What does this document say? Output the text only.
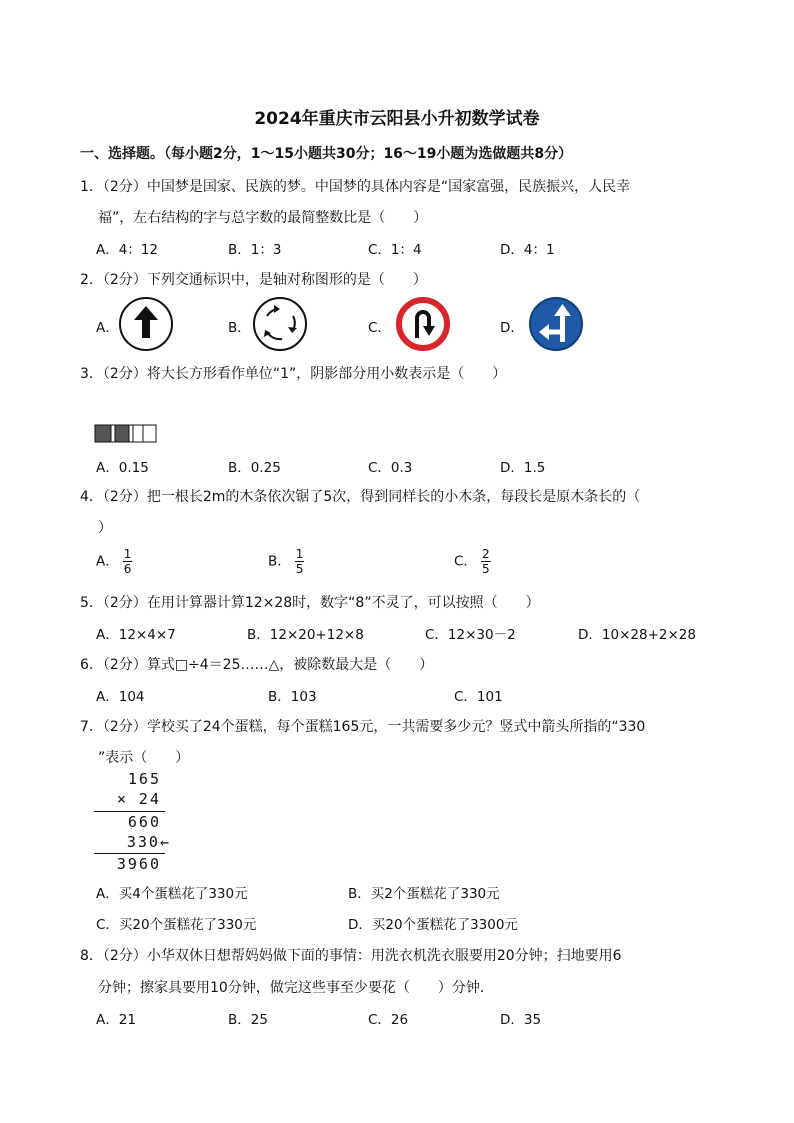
2024年重庆市云阳县小升初数学试卷
一、选择题。（每小题2分，1～15小题共30分；16～19小题为选做题共8分）
1．（2分）中国梦是国家、民族的梦。中国梦的具体内容是“国家富强，民族振兴，人民幸
福”，左右结构的字与总字数的最简整数比是（　　）
A．4：12	B．1：3	C．1：4	D．4：1
2．（2分）下列交通标识中，是轴对称图形的是（　　）
A．	B．	C．	D．
3．（2分）将大长方形看作单位“1”，阴影部分用小数表示是（　　）
A．0.15	B．0.25	C．0.3	D．1.5
4．（2分）把一根长2m的木条依次锯了5次，得到同样长的小木条，每段长是原木条长的（
）
A． $\frac{1}{6}$	B． $\frac{1}{5}$	C． $\frac{2}{5}$
5．（2分）在用计算器计算12×28时，数字“8”不灵了，可以按照（　　）
A．12×4×7	B．12×20+12×8	C．12×30－2	D．10×28+2×28
6．（2分）算式□÷4＝25……△，被除数最大是（　　）
A．104	B．103	C．101
7．（2分）学校买了24个蛋糕，每个蛋糕165元，一共需要多少元？竖式中箭头所指的“330
”表示（　　）
165
× 24
660
330←
3960
A．买4个蛋糕花了330元	B．买2个蛋糕花了330元
C．买20个蛋糕花了330元	D．买20个蛋糕花了3300元
8．（2分）小华双休日想帮妈妈做下面的事情：用洗衣机洗衣服要用20分钟；扫地要用6
分钟；擦家具要用10分钟，做完这些事至少要花（　　）分钟.
A．21	B．25	C．26	D．35
